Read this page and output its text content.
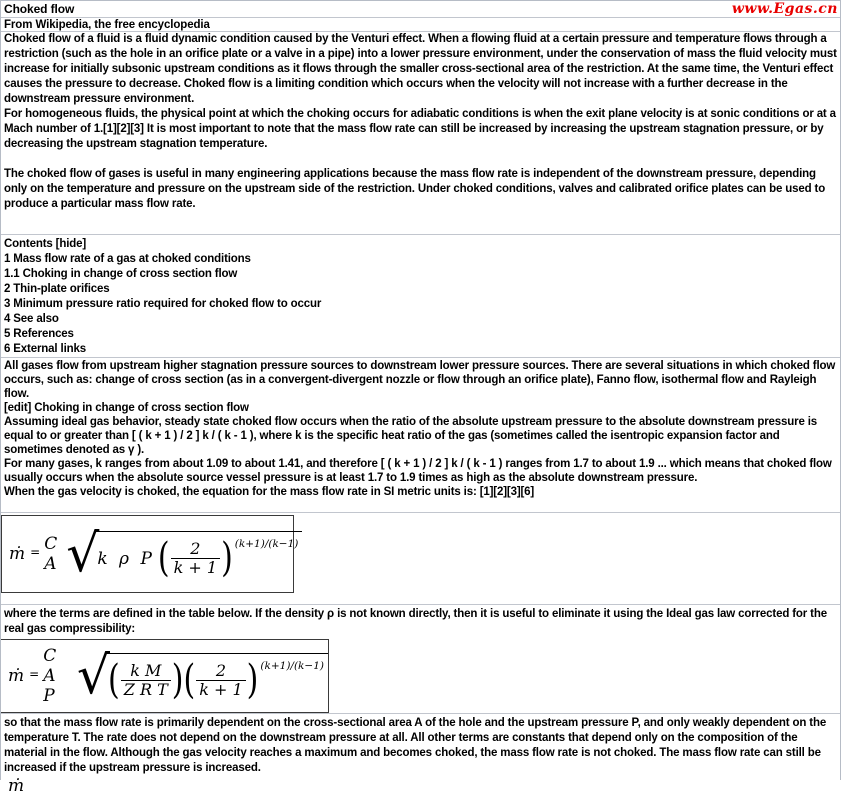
Choked flow	www.Egas.cn
From Wikipedia, the free encyclopedia

Choked flow of a fluid is a fluid dynamic condition caused by the Venturi effect. When a flowing fluid at a certain pressure and temperature flows through a restriction (such as the hole in an orifice plate or a valve in a pipe) into a lower pressure environment, under the conservation of mass the fluid velocity must increase for initially subsonic upstream conditions as it flows through the smaller cross-sectional area of the restriction. At the same time, the Venturi effect causes the pressure to decrease. Choked flow is a limiting condition which occurs when the velocity will not increase with a further decrease in the downstream pressure environment.

For homogeneous fluids, the physical point at which the choking occurs for adiabatic conditions is when the exit plane velocity is at sonic conditions or at a Mach number of 1.[1][2][3] It is most important to note that the mass flow rate can still be increased by increasing the upstream stagnation pressure, or by decreasing the upstream stagnation temperature.

The choked flow of gases is useful in many engineering applications because the mass flow rate is independent of the downstream pressure, depending only on the temperature and pressure on the upstream side of the restriction. Under choked conditions, valves and calibrated orifice plates can be used to produce a particular mass flow rate.

Contents [hide]
1 Mass flow rate of a gas at choked conditions
1.1 Choking in change of cross section flow
2 Thin-plate orifices
3 Minimum pressure ratio required for choked flow to occur
4 See also
5 References
6 External links

All gases flow from upstream higher stagnation pressure sources to downstream lower pressure sources. There are several situations in which choked flow occurs, such as: change of cross section (as in a convergent-divergent nozzle or flow through an orifice plate), Fanno flow, isothermal flow and Rayleigh flow.

[edit] Choking in change of cross section flow

Assuming ideal gas behavior, steady state choked flow occurs when the ratio of the absolute upstream pressure to the absolute downstream pressure is equal to or greater than [ ( k + 1 ) / 2 ] k / ( k - 1 ), where k is the specific heat ratio of the gas (sometimes called the isentropic expansion factor and sometimes denoted as γ ).

For many gases, k ranges from about 1.09 to about 1.41, and therefore [ ( k + 1 ) / 2 ] k / ( k - 1 ) ranges from 1.7 to about 1.9 ... which means that choked flow usually occurs when the absolute source vessel pressure is at least 1.7 to 1.9 times as high as the absolute downstream pressure.

When the gas velocity is choked, the equation for the mass flow rate in SI metric units is: [1][2][3][6]

ṁ = C A √
k ρ P ( $\frac{2}{k + 1}$ ) (k+1)/(k−1)

where the terms are defined in the table below. If the density ρ is not known directly, then it is useful to eliminate it using the Ideal gas law corrected for the real gas compressibility:

ṁ =
C A P √
( $\frac{\text{k M}}{\text{Z R T}}$ ) ( $\frac{2}{k + 1}$ ) (k+1)/(k−1)

so that the mass flow rate is primarily dependent on the cross-sectional area A of the hole and the upstream pressure P, and only weakly dependent on the temperature T. The rate does not depend on the downstream pressure at all. All other terms are constants that depend only on the composition of the material in the flow. Although the gas velocity reaches a maximum and becomes choked, the mass flow rate is not choked. The mass flow rate can still be increased if the upstream pressure is increased.

ṁ
